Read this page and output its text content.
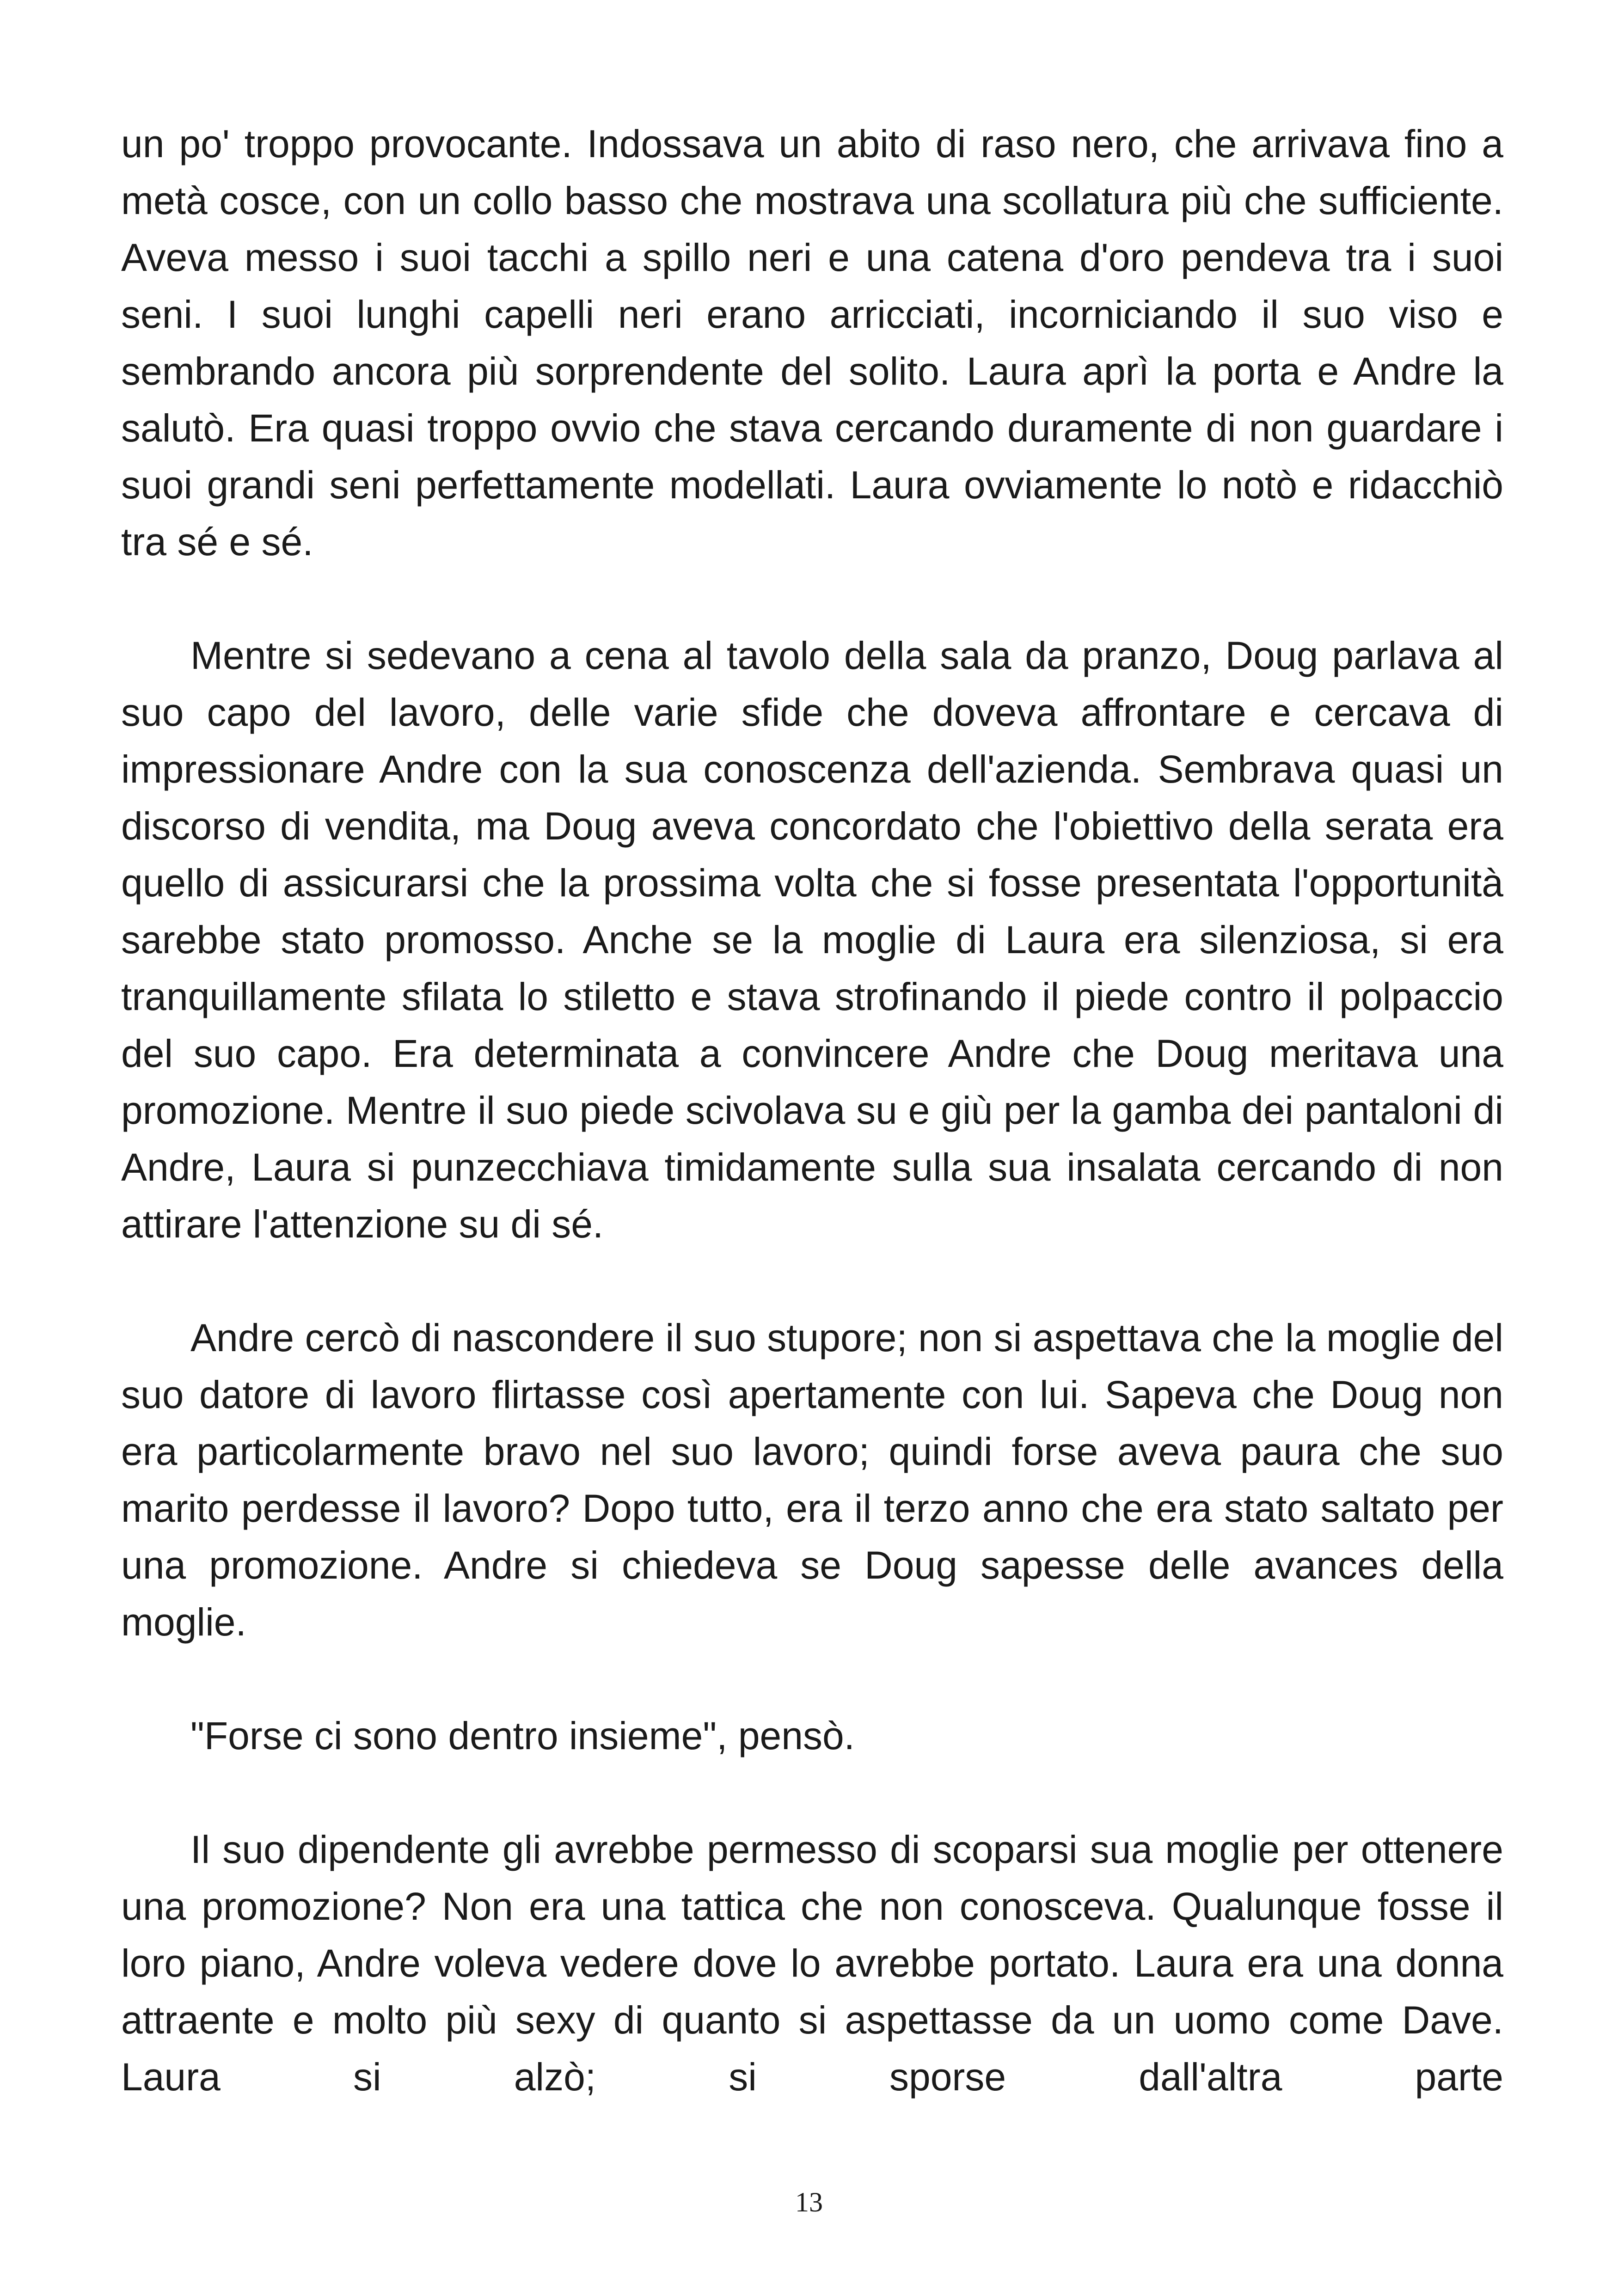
un po' troppo provocante. Indossava un abito di raso nero, che arrivava fino a metà cosce, con un collo basso che mostrava una scollatura più che sufficiente. Aveva messo i suoi tacchi a spillo neri e una catena d'oro pendeva tra i suoi seni. I suoi lunghi capelli neri erano arricciati, incorniciando il suo viso e sembrando ancora più sorprendente del solito. Laura aprì la porta e Andre la salutò. Era quasi troppo ovvio che stava cercando duramente di non guardare i suoi grandi seni perfettamente modellati. Laura ovviamente lo notò e ridacchiò tra sé e sé.

Mentre si sedevano a cena al tavolo della sala da pranzo, Doug parlava al suo capo del lavoro, delle varie sfide che doveva affrontare e cercava di impressionare Andre con la sua conoscenza dell'azienda. Sembrava quasi un discorso di vendita, ma Doug aveva concordato che l'obiettivo della serata era quello di assicurarsi che la prossima volta che si fosse presentata l'opportunità sarebbe stato promosso. Anche se la moglie di Laura era silenziosa, si era tranquillamente sfilata lo stiletto e stava strofinando il piede contro il polpaccio del suo capo. Era determinata a convincere Andre che Doug meritava una promozione. Mentre il suo piede scivolava su e giù per la gamba dei pantaloni di Andre, Laura si punzecchiava timidamente sulla sua insalata cercando di non attirare l'attenzione su di sé.

Andre cercò di nascondere il suo stupore; non si aspettava che la moglie del suo datore di lavoro flirtasse così apertamente con lui. Sapeva che Doug non era particolarmente bravo nel suo lavoro; quindi forse aveva paura che suo marito perdesse il lavoro? Dopo tutto, era il terzo anno che era stato saltato per una promozione. Andre si chiedeva se Doug sapesse delle avances della moglie.

"Forse ci sono dentro insieme", pensò.

Il suo dipendente gli avrebbe permesso di scoparsi sua moglie per ottenere una promozione? Non era una tattica che non conosceva. Qualunque fosse il loro piano, Andre voleva vedere dove lo avrebbe portato. Laura era una donna attraente e molto più sexy di quanto si aspettasse da un uomo come Dave. Laura si alzò; si sporse dall'altra parte

13
